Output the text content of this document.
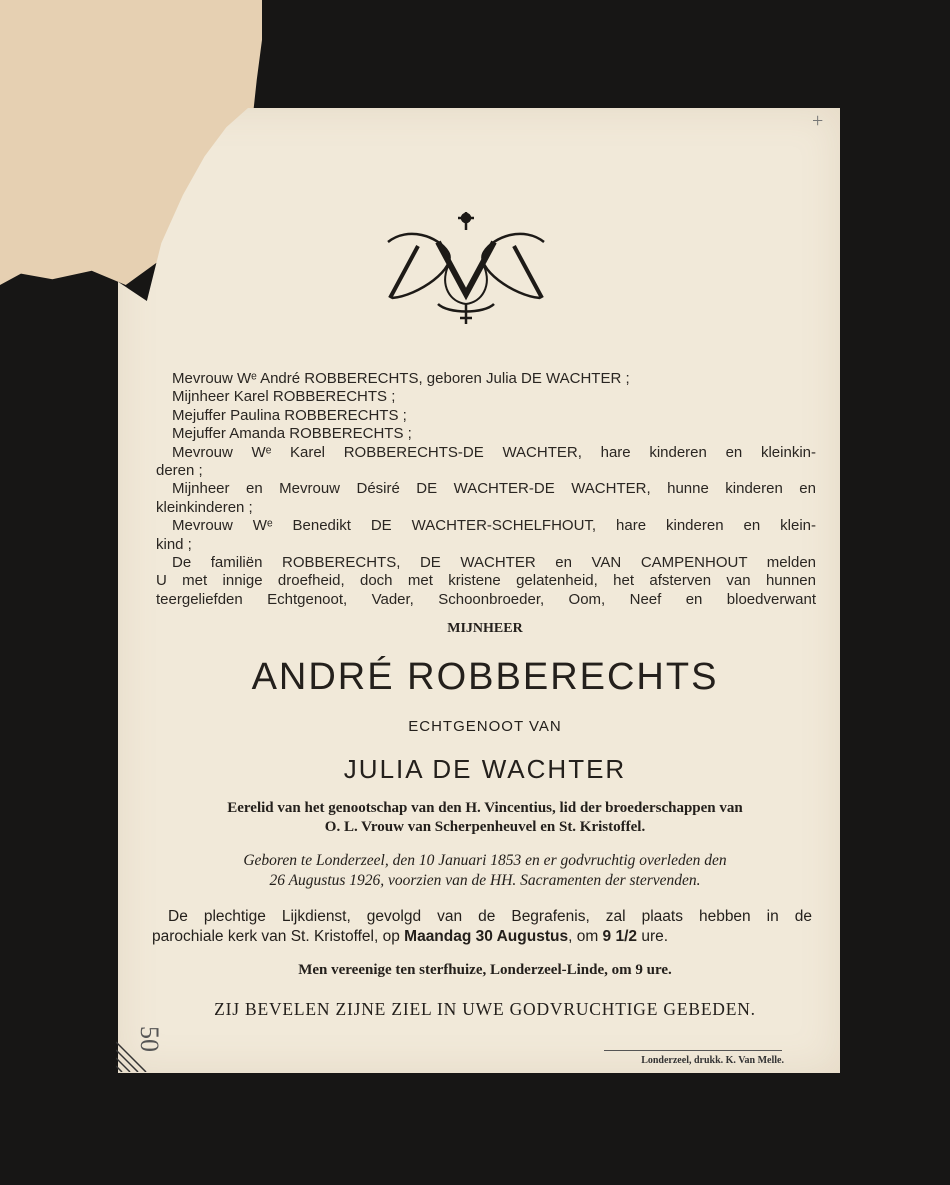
+

Mevrouw Wᵉ André ROBBERECHTS, geboren Julia DE WACHTER ;

Mijnheer Karel ROBBERECHTS ;

Mejuffer Paulina ROBBERECHTS ;

Mejuffer Amanda ROBBERECHTS ;

Mevrouw Wᵉ Karel ROBBERECHTS-DE WACHTER, hare kinderen en kleinkin-

deren ;

Mijnheer en Mevrouw Désiré DE WACHTER-DE WACHTER, hunne kinderen en

kleinkinderen ;

Mevrouw Wᵉ Benedikt DE WACHTER-SCHELFHOUT, hare kinderen en klein-

kind ;

De familiën ROBBERECHTS, DE WACHTER en VAN CAMPENHOUT melden

U met innige droefheid, doch met kristene gelatenheid, het afsterven van hunnen

teergeliefden Echtgenoot, Vader, Schoonbroeder, Oom, Neef en bloedverwant

MIJNHEER
ANDRÉ ROBBERECHTS
ECHTGENOOT VAN
JULIA DE WACHTER
Eerelid van het genootschap van den H. Vincentius, lid der broederschappen van
O. L. Vrouw van Scherpenheuvel en St. Kristoffel.
Geboren te Londerzeel, den 10 Januari 1853 en er godvruchtig overleden den
26 Augustus 1926, voorzien van de HH. Sacramenten der stervenden.

De plechtige Lijkdienst, gevolgd van de Begrafenis, zal plaats hebben in de

parochiale kerk van St. Kristoffel, op Maandag 30 Augustus, om 9 1/2 ure.

Men vereenige ten sterfhuize, Londerzeel-Linde, om 9 ure.
ZIJ BEVELEN ZIJNE ZIEL IN UWE GODVRUCHTIGE GEBEDEN.
50
Londerzeel, drukk. K. Van Melle.
